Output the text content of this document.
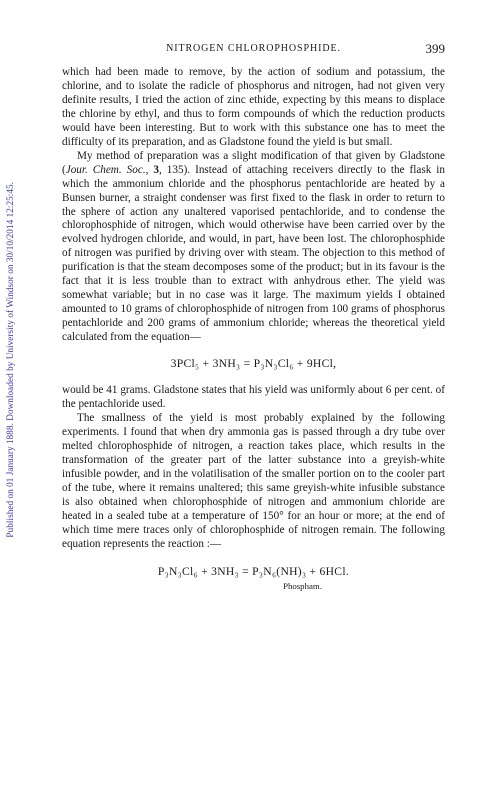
Published on 01 January 1888. Downloaded by University of Windsor on 30/10/2014 12:25:45.
NITROGEN CHLOROPHOSPHIDE.	399

which had been made to remove, by the action of sodium and potassium, the chlorine, and to isolate the radicle of phosphorus and nitrogen, had not given very definite results, I tried the action of zinc ethide, expecting by this means to displace the chlorine by ethyl, and thus to form compounds of which the reduction products would have been interesting. But to work with this substance one has to meet the difficulty of its preparation, and as Gladstone found the yield is but small.

My method of preparation was a slight modification of that given by Gladstone (Jour. Chem. Soc., 3, 135). Instead of attaching receivers directly to the flask in which the ammonium chloride and the phosphorus pentachloride are heated by a Bunsen burner, a straight condenser was first fixed to the flask in order to return to the sphere of action any unaltered vaporised pentachloride, and to condense the chlorophosphide of nitrogen, which would otherwise have been carried over by the evolved hydrogen chloride, and would, in part, have been lost. The chlorophosphide of nitrogen was purified by driving over with steam. The objection to this method of purification is that the steam decomposes some of the product; but in its favour is the fact that it is less trouble than to extract with anhydrous ether. The yield was somewhat variable; but in no case was it large. The maximum yields I obtained amounted to 10 grams of chlorophosphide of nitrogen from 100 grams of phosphorus pentachloride and 200 grams of ammonium chloride; whereas the theoretical yield calculated from the equation—

3PCl₅ + 3NH₃ = P₃N₃Cl₆ + 9HCl,

would be 41 grams. Gladstone states that his yield was uniformly about 6 per cent. of the pentachloride used.

The smallness of the yield is most probably explained by the following experiments. I found that when dry ammonia gas is passed through a dry tube over melted chlorophosphide of nitrogen, a reaction takes place, which results in the transformation of the greater part of the latter substance into a greyish-white infusible powder, and in the volatilisation of the smaller portion on to the cooler part of the tube, where it remains unaltered; this same greyish-white infusible substance is also obtained when chlorophosphide of nitrogen and ammonium chloride are heated in a sealed tube at a temperature of 150° for an hour or more; at the end of which time mere traces only of chlorophosphide of nitrogen remain. The following equation represents the reaction :—

P₃N₃Cl₆ + 3NH₃ = P₃N₆(NH)₃ + 6HCl.
Phospham.
